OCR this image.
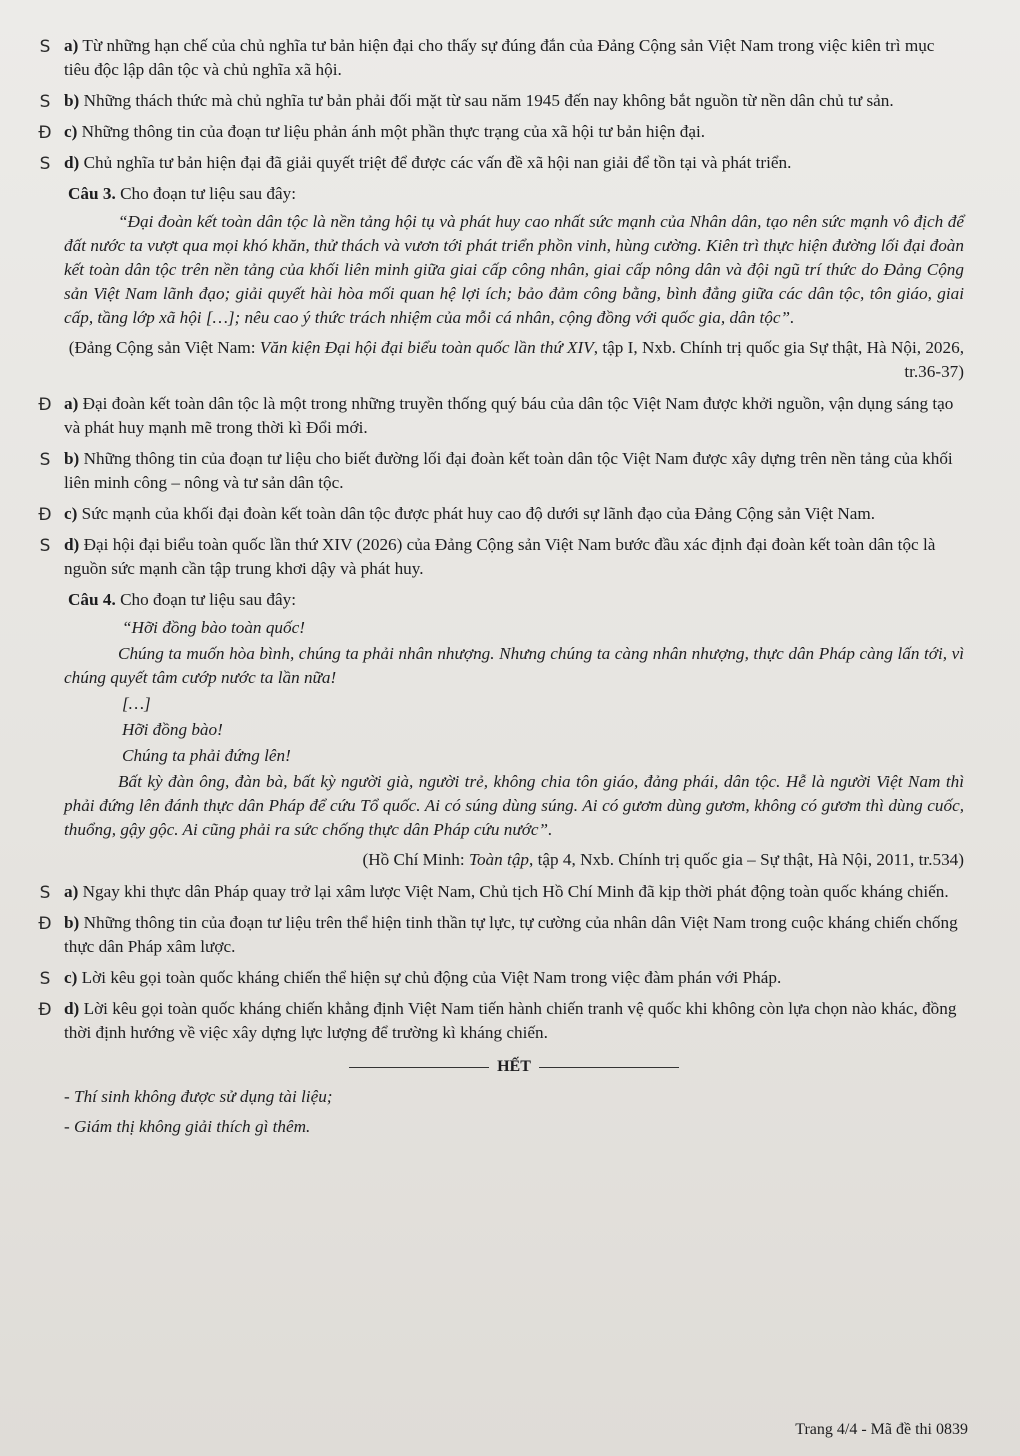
S a) Từ những hạn chế của chủ nghĩa tư bản hiện đại cho thấy sự đúng đắn của Đảng Cộng sản Việt Nam trong việc kiên trì mục tiêu độc lập dân tộc và chủ nghĩa xã hội.
S b) Những thách thức mà chủ nghĩa tư bản phải đối mặt từ sau năm 1945 đến nay không bắt nguồn từ nền dân chủ tư sản.
Đ c) Những thông tin của đoạn tư liệu phản ánh một phần thực trạng của xã hội tư bản hiện đại.
S d) Chủ nghĩa tư bản hiện đại đã giải quyết triệt để được các vấn đề xã hội nan giải để tồn tại và phát triển.
Câu 3. Cho đoạn tư liệu sau đây:

“Đại đoàn kết toàn dân tộc là nền tảng hội tụ và phát huy cao nhất sức mạnh của Nhân dân, tạo nên sức mạnh vô địch để đất nước ta vượt qua mọi khó khăn, thử thách và vươn tới phát triển phồn vinh, hùng cường. Kiên trì thực hiện đường lối đại đoàn kết toàn dân tộc trên nền tảng của khối liên minh giữa giai cấp công nhân, giai cấp nông dân và đội ngũ trí thức do Đảng Cộng sản Việt Nam lãnh đạo; giải quyết hài hòa mối quan hệ lợi ích; bảo đảm công bằng, bình đẳng giữa các dân tộc, tôn giáo, giai cấp, tầng lớp xã hội […]; nêu cao ý thức trách nhiệm của mỗi cá nhân, cộng đồng với quốc gia, dân tộc”.

(Đảng Cộng sản Việt Nam: Văn kiện Đại hội đại biểu toàn quốc lần thứ XIV, tập I, Nxb. Chính trị quốc gia Sự thật, Hà Nội, 2026, tr.36-37)
Đ a) Đại đoàn kết toàn dân tộc là một trong những truyền thống quý báu của dân tộc Việt Nam được khởi nguồn, vận dụng sáng tạo và phát huy mạnh mẽ trong thời kì Đổi mới.
S b) Những thông tin của đoạn tư liệu cho biết đường lối đại đoàn kết toàn dân tộc Việt Nam được xây dựng trên nền tảng của khối liên minh công – nông và tư sản dân tộc.
Đ c) Sức mạnh của khối đại đoàn kết toàn dân tộc được phát huy cao độ dưới sự lãnh đạo của Đảng Cộng sản Việt Nam.
S d) Đại hội đại biểu toàn quốc lần thứ XIV (2026) của Đảng Cộng sản Việt Nam bước đầu xác định đại đoàn kết toàn dân tộc là nguồn sức mạnh cần tập trung khơi dậy và phát huy.
Câu 4. Cho đoạn tư liệu sau đây:

“Hỡi đồng bào toàn quốc!

Chúng ta muốn hòa bình, chúng ta phải nhân nhượng. Nhưng chúng ta càng nhân nhượng, thực dân Pháp càng lấn tới, vì chúng quyết tâm cướp nước ta lần nữa!

[…]

Hỡi đồng bào!

Chúng ta phải đứng lên!

Bất kỳ đàn ông, đàn bà, bất kỳ người già, người trẻ, không chia tôn giáo, đảng phái, dân tộc. Hễ là người Việt Nam thì phải đứng lên đánh thực dân Pháp để cứu Tổ quốc. Ai có súng dùng súng. Ai có gươm dùng gươm, không có gươm thì dùng cuốc, thuổng, gậy gộc. Ai cũng phải ra sức chống thực dân Pháp cứu nước”.

(Hồ Chí Minh: Toàn tập, tập 4, Nxb. Chính trị quốc gia – Sự thật, Hà Nội, 2011, tr.534)
S a) Ngay khi thực dân Pháp quay trở lại xâm lược Việt Nam, Chủ tịch Hồ Chí Minh đã kịp thời phát động toàn quốc kháng chiến.
Đ b) Những thông tin của đoạn tư liệu trên thể hiện tinh thần tự lực, tự cường của nhân dân Việt Nam trong cuộc kháng chiến chống thực dân Pháp xâm lược.
S c) Lời kêu gọi toàn quốc kháng chiến thể hiện sự chủ động của Việt Nam trong việc đàm phán với Pháp.
Đ d) Lời kêu gọi toàn quốc kháng chiến khẳng định Việt Nam tiến hành chiến tranh vệ quốc khi không còn lựa chọn nào khác, đồng thời định hướng về việc xây dựng lực lượng để trường kì kháng chiến.
HẾT

- Thí sinh không được sử dụng tài liệu;

- Giám thị không giải thích gì thêm.

Trang 4/4 - Mã đề thi 0839
